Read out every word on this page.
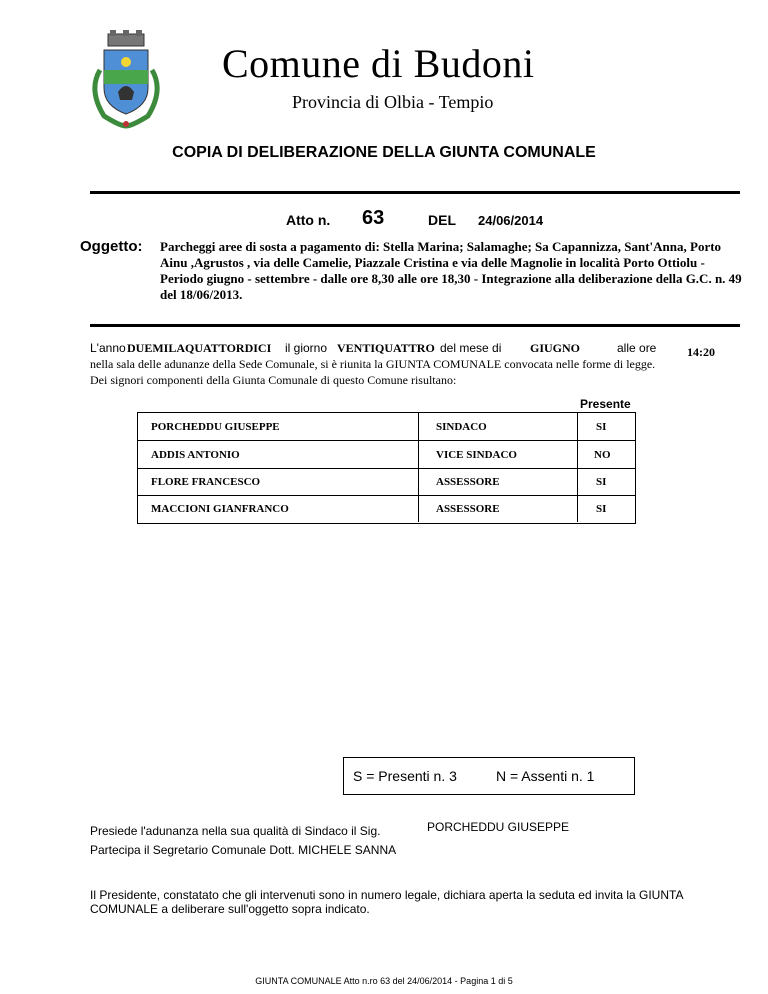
Comune di Budoni
Provincia di Olbia - Tempio
COPIA DI DELIBERAZIONE DELLA GIUNTA COMUNALE
Atto n. 63	DEL 24/06/2014
Oggetto: Parcheggi aree di sosta a pagamento di: Stella Marina; Salamaghe; Sa Capannizza, Sant'Anna, Porto Ainu ,Agrustos , via delle Camelie, Piazzale Cristina e via delle Magnolie in località Porto Ottiolu - Periodo giugno - settembre - dalle ore 8,30 alle ore 18,30 - Integrazione alla deliberazione della G.C. n. 49 del 18/06/2013.
L'anno DUEMILAQUATTORDICI il giorno VENTIQUATTRO del mese di GIUGNO	alle ore	14:20
nella sala delle adunanze della Sede Comunale, si è riunita la GIUNTA COMUNALE convocata nelle forme di legge.
Dei signori componenti della Giunta Comunale di questo Comune risultano:
Presente
PORCHEDDU GIUSEPPE	SINDACO	SI
ADDIS ANTONIO	VICE SINDACO	NO
FLORE FRANCESCO	ASSESSORE	SI
MACCIONI GIANFRANCO	ASSESSORE	SI
S = Presenti n. 3	N = Assenti n. 1
Presiede l'adunanza nella sua qualità di Sindaco il Sig.	PORCHEDDU GIUSEPPE
Partecipa il Segretario Comunale Dott. MICHELE SANNA
Il Presidente, constatato che gli intervenuti sono in numero legale, dichiara aperta la seduta ed invita la GIUNTA COMUNALE a deliberare sull'oggetto sopra indicato.
GIUNTA COMUNALE Atto n.ro 63 del 24/06/2014 - Pagina 1 di 5
